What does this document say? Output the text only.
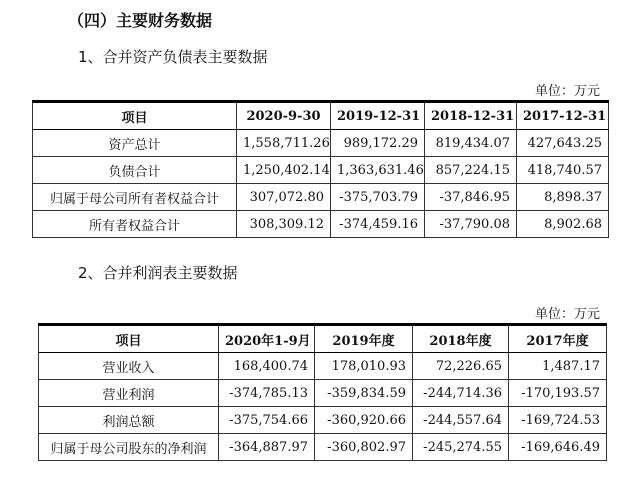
（四）主要财务数据
1、合并资产负债表主要数据
单位：万元
项目	2020-9-30	2019-12-31	2018-12-31	2017-12-31
资产总计	1,558,711.26	989,172.29	819,434.07	427,643.25
负债合计	1,250,402.14	1,363,631.46	857,224.15	418,740.57
归属于母公司所有者权益合计	307,072.80	-375,703.79	-37,846.95	8,898.37
所有者权益合计	308,309.12	-374,459.16	-37,790.08	8,902.68
2、合并利润表主要数据
单位：万元
项目	2020年1-9月	2019年度	2018年度	2017年度
营业收入	168,400.74	178,010.93	72,226.65	1,487.17
营业利润	-374,785.13	-359,834.59	-244,714.36	-170,193.57
利润总额	-375,754.66	-360,920.66	-244,557.64	-169,724.53
归属于母公司股东的净利润	-364,887.97	-360,802.97	-245,274.55	-169,646.49
